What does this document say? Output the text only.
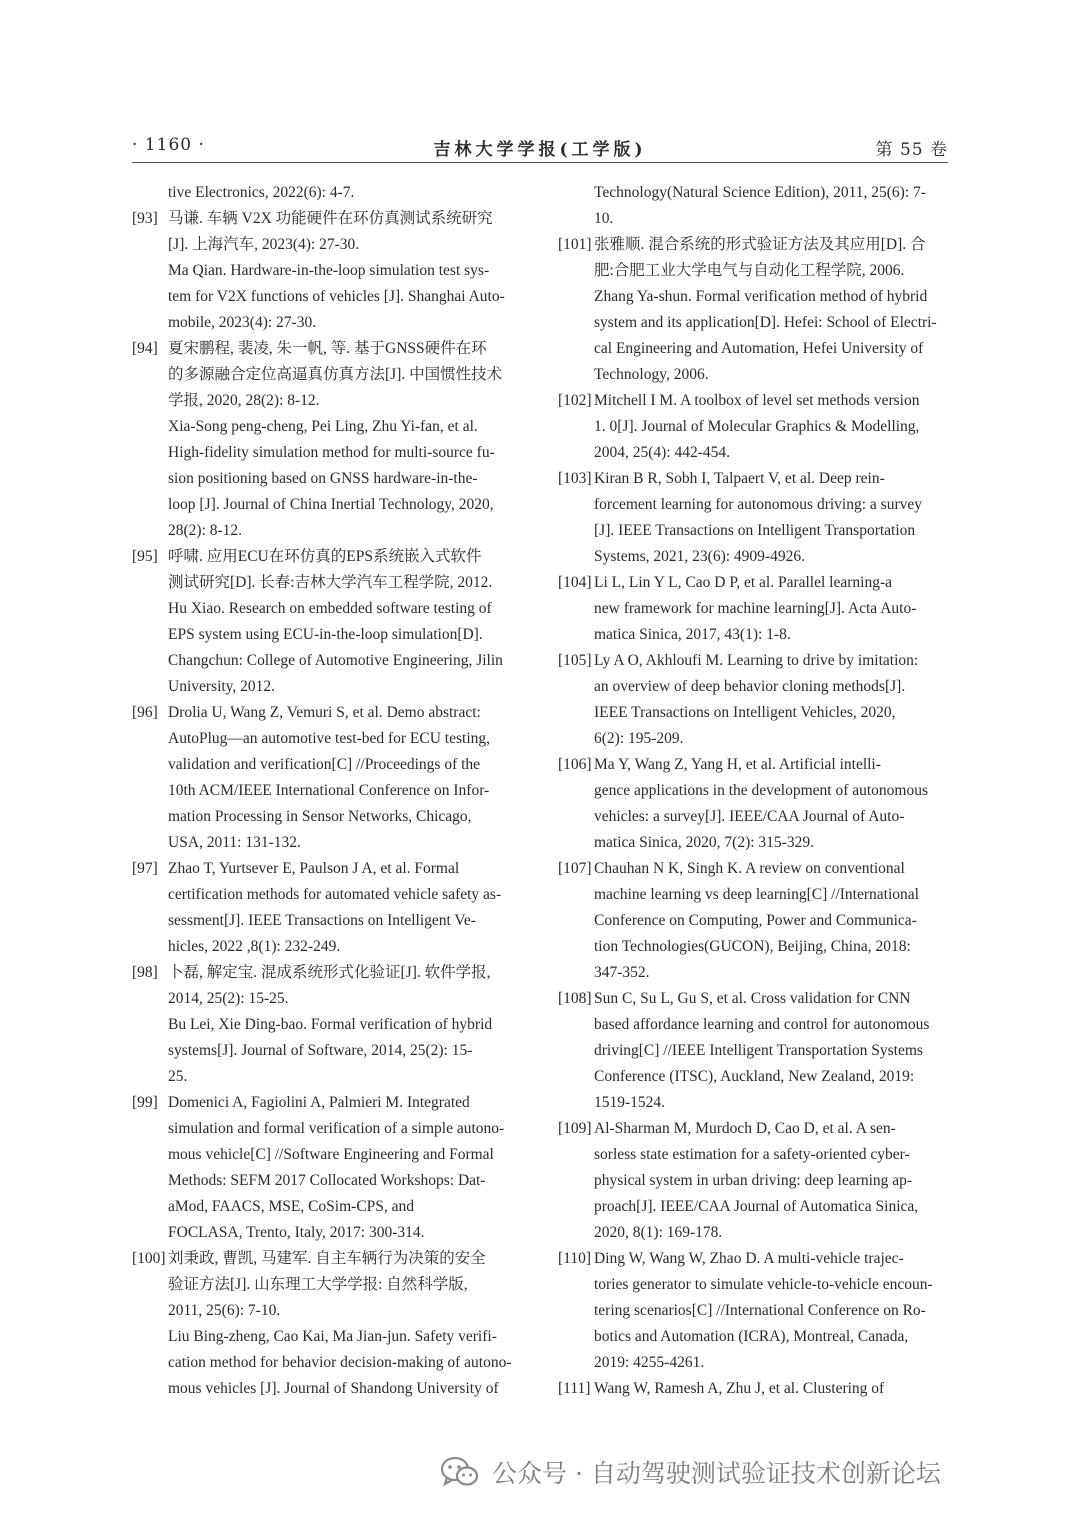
· 1160 ·	吉林大学学报(工学版)	第 55 卷
tive Electronics, 2022(6): 4-7.
[93] 马谦. 车辆 V2X 功能硬件在环仿真测试系统研究
[J]. 上海汽车, 2023(4): 27-30.
Ma Qian. Hardware-in-the-loop simulation test sys-
tem for V2X functions of vehicles [J]. Shanghai Auto-
mobile, 2023(4): 27-30.
[94] 夏宋鹏程, 裴凌, 朱一帆, 等. 基于GNSS硬件在环
的多源融合定位高逼真仿真方法[J]. 中国惯性技术
学报, 2020, 28(2): 8-12.
Xia-Song peng-cheng, Pei Ling, Zhu Yi-fan, et al.
High-fidelity simulation method for multi-source fu-
sion positioning based on GNSS hardware-in-the-
loop [J]. Journal of China Inertial Technology, 2020,
28(2): 8-12.
[95] 呼啸. 应用ECU在环仿真的EPS系统嵌入式软件
测试研究[D]. 长春:吉林大学汽车工程学院, 2012.
Hu Xiao. Research on embedded software testing of
EPS system using ECU-in-the-loop simulation[D].
Changchun: College of Automotive Engineering, Jilin
University, 2012.
[96] Drolia U, Wang Z, Vemuri S, et al. Demo abstract:
AutoPlug—an automotive test-bed for ECU testing,
validation and verification[C] //Proceedings of the
10th ACM/IEEE International Conference on Infor-
mation Processing in Sensor Networks, Chicago,
USA, 2011: 131-132.
[97] Zhao T, Yurtsever E, Paulson J A, et al. Formal
certification methods for automated vehicle safety as-
sessment[J]. IEEE Transactions on Intelligent Ve-
hicles, 2022 ,8(1): 232-249.
[98] 卜磊, 解定宝. 混成系统形式化验证[J]. 软件学报,
2014, 25(2): 15-25.
Bu Lei, Xie Ding-bao. Formal verification of hybrid
systems[J]. Journal of Software, 2014, 25(2): 15-
25.
[99] Domenici A, Fagiolini A, Palmieri M. Integrated
simulation and formal verification of a simple autono-
mous vehicle[C] //Software Engineering and Formal
Methods: SEFM 2017 Collocated Workshops: Dat-
aMod, FAACS, MSE, CoSim-CPS, and
FOCLASA, Trento, Italy, 2017: 300-314.
[100] 刘秉政, 曹凯, 马建军. 自主车辆行为决策的安全
验证方法[J]. 山东理工大学学报: 自然科学版,
2011, 25(6): 7-10.
Liu Bing-zheng, Cao Kai, Ma Jian-jun. Safety verifi-
cation method for behavior decision-making of autono-
mous vehicles [J]. Journal of Shandong University of
Technology(Natural Science Edition), 2011, 25(6): 7-
10.
[101] 张雅顺. 混合系统的形式验证方法及其应用[D]. 合
肥:合肥工业大学电气与自动化工程学院, 2006.
Zhang Ya-shun. Formal verification method of hybrid
system and its application[D]. Hefei: School of Electri-
cal Engineering and Automation, Hefei University of
Technology, 2006.
[102] Mitchell I M. A toolbox of level set methods version
1. 0[J]. Journal of Molecular Graphics & Modelling,
2004, 25(4): 442-454.
[103] Kiran B R, Sobh I, Talpaert V, et al. Deep rein-
forcement learning for autonomous driving: a survey
[J]. IEEE Transactions on Intelligent Transportation
Systems, 2021, 23(6): 4909-4926.
[104] Li L, Lin Y L, Cao D P, et al. Parallel learning-a
new framework for machine learning[J]. Acta Auto-
matica Sinica, 2017, 43(1): 1-8.
[105] Ly A O, Akhloufi M. Learning to drive by imitation:
an overview of deep behavior cloning methods[J].
IEEE Transactions on Intelligent Vehicles, 2020,
6(2): 195-209.
[106] Ma Y, Wang Z, Yang H, et al. Artificial intelli-
gence applications in the development of autonomous
vehicles: a survey[J]. IEEE/CAA Journal of Auto-
matica Sinica, 2020, 7(2): 315-329.
[107] Chauhan N K, Singh K. A review on conventional
machine learning vs deep learning[C] //International
Conference on Computing, Power and Communica-
tion Technologies(GUCON), Beijing, China, 2018:
347-352.
[108] Sun C, Su L, Gu S, et al. Cross validation for CNN
based affordance learning and control for autonomous
driving[C] //IEEE Intelligent Transportation Systems
Conference (ITSC), Auckland, New Zealand, 2019:
1519-1524.
[109] Al-Sharman M, Murdoch D, Cao D, et al. A sen-
sorless state estimation for a safety-oriented cyber-
physical system in urban driving: deep learning ap-
proach[J]. IEEE/CAA Journal of Automatica Sinica,
2020, 8(1): 169-178.
[110] Ding W, Wang W, Zhao D. A multi-vehicle trajec-
tories generator to simulate vehicle-to-vehicle encoun-
tering scenarios[C] //International Conference on Ro-
botics and Automation (ICRA), Montreal, Canada,
2019: 4255-4261.
[111] Wang W, Ramesh A, Zhu J, et al. Clustering of
公众号 · 自动驾驶测试验证技术创新论坛
